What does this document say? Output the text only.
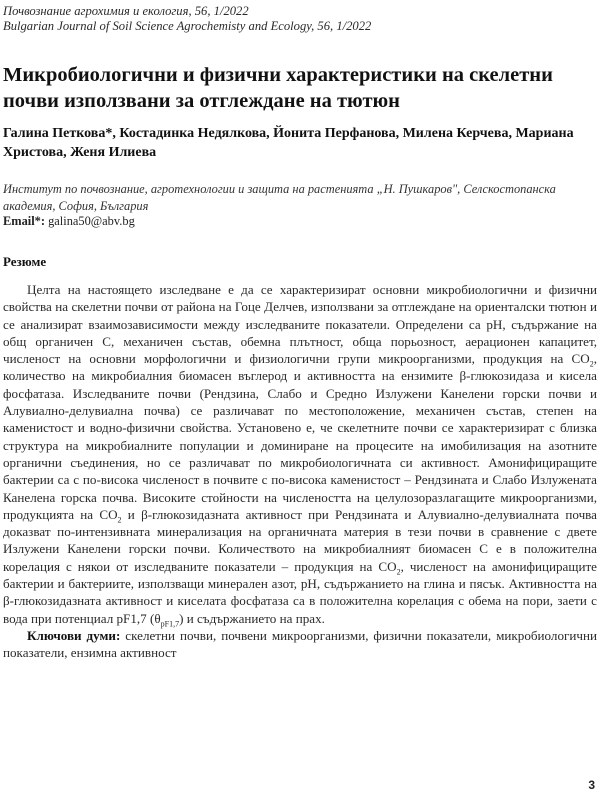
Почвознание агрохимия и екология, 56, 1/2022
Bulgarian Journal of Soil Science Agrochemisty and Ecology, 56, 1/2022
Микробиологични и физични характеристики на скелетни почви използвани за отглеждане на тютюн
Галина Петкова*, Костадинка Недялкова, Йонита Перфанова, Милена Керчева, Мариана Христова, Женя Илиева
Институт по почвознание, агротехнологии и защита на растенията „Н. Пушкаров", Селскостопанска академия, София, България
Email*: galina50@abv.bg
Резюме

Целта на настоящето изследване е да се характеризират основни микробиологични и физични свойства на скелетни почви от района на Гоце Делчев, използвани за отглеждане на ориенталски тютюн и се анализират взаимозависимости между изследваните показатели. Определени са pH, съдържание на общ органичен С, механичен състав, обемна плътност, обща порьозност, аерационен капацитет, численост на основни морфологични и физиологични групи микроорганизми, продукция на $CO_2$, количество на микробиалния биомасен въглерод и активността на ензимите β-глюкозидаза и кисела фосфатаза. Изследваните почви (Рендзина, Слабо и Средно Излужени Канелени горски почви и Алувиално-делувиална почва) се различават по местоположение, механичен състав, степен на каменистост и водно-физични свойства. Установено е, че скелетните почви се характеризират с близка структура на микробиалните популации и доминиране на процесите на имобилизация на азотните органични съединения, но се различават по микробиологичната си активност. Амонифициращите бактерии са с по-висока численост в почвите с по-висока каменистост – Рендзината и Слабо Излужената Канелена горска почва. Високите стойности на числеността на целулозоразлагащите микроорганизми, продукцията на $CO_2$ и β-глюкозидазната активност при Рендзината и Алувиално-делувиалната почва доказват по-интензивната минерализация на органичната материя в тези почви в сравнение с двете Излужени Канелени горски почви. Количеството на микробиалният биомасен С е в положителна корелация с някои от изследваните показатели – продукция на $CO_2$, численост на амонифициращите бактерии и бактериите, използващи минерален азот, pH, съдържанието на глина и пясък. Активността на β-глюкозидазната активност и киселата фосфатаза са в положителна корелация с обема на пори, заети с вода при потенциал pF1,7 $(\theta_{pF1,7})$ и съдържанието на прах.

Ключови думи: скелетни почви, почвени микроорганизми, физични показатели, микробиологични показатели, ензимна активност

3
